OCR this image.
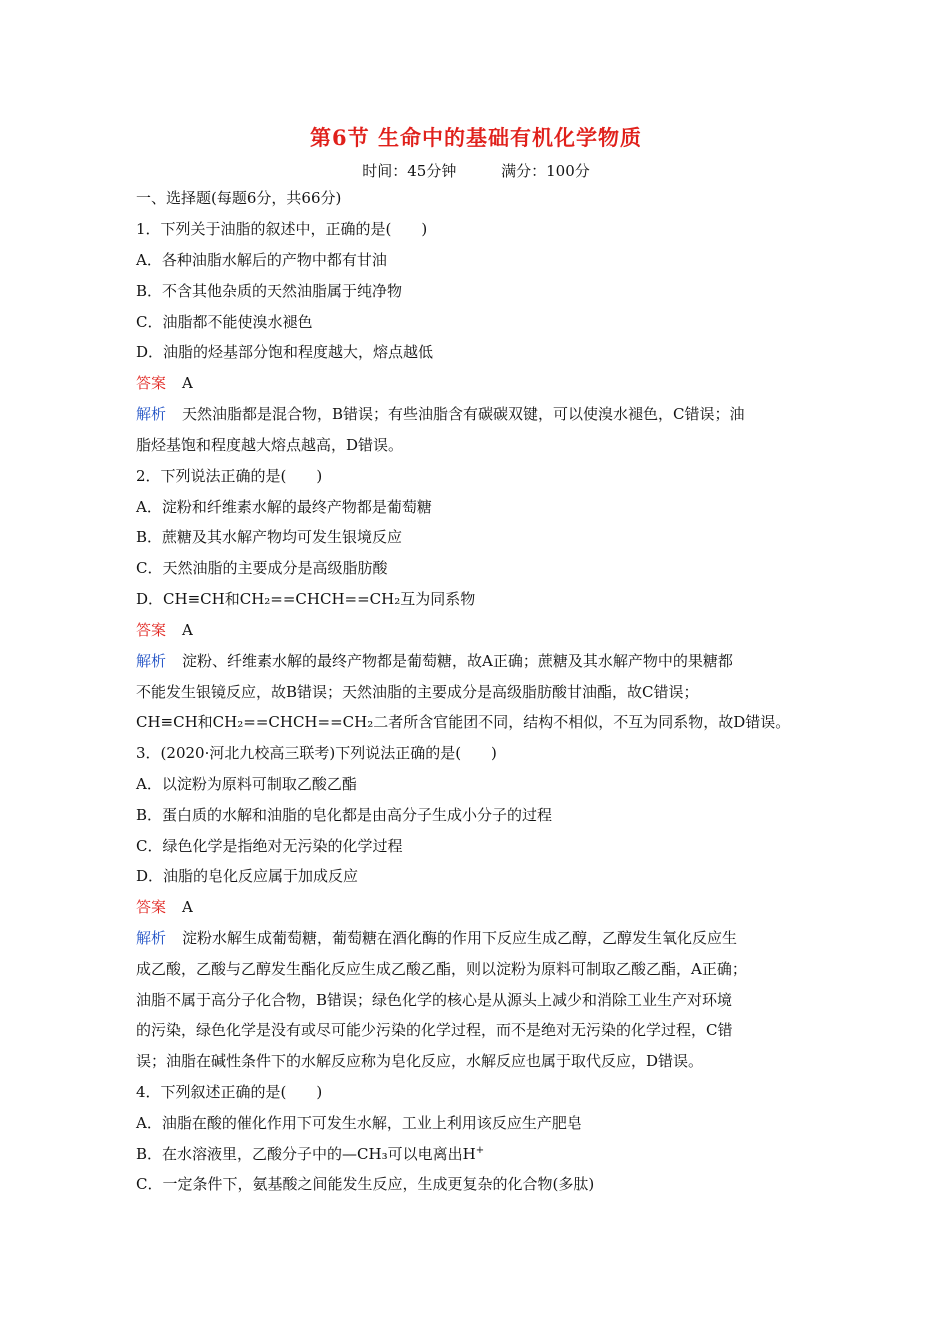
第6节 生命中的基础有机化学物质
时间：45分钟	满分：100分
一、选择题(每题6分，共66分)
1．下列关于油脂的叙述中，正确的是(　　)
A．各种油脂水解后的产物中都有甘油
B．不含其他杂质的天然油脂属于纯净物
C．油脂都不能使溴水褪色
D．油脂的烃基部分饱和程度越大，熔点越低
答案 A
解析 天然油脂都是混合物，B错误；有些油脂含有碳碳双键，可以使溴水褪色，C错误；油
脂烃基饱和程度越大熔点越高，D错误。
2．下列说法正确的是(　　)
A．淀粉和纤维素水解的最终产物都是葡萄糖
B．蔗糖及其水解产物均可发生银境反应
C．天然油脂的主要成分是高级脂肪酸
D．CH≡CH和CH₂==CHCH==CH₂互为同系物
答案 A
解析 淀粉、纤维素水解的最终产物都是葡萄糖，故A正确；蔗糖及其水解产物中的果糖都
不能发生银镜反应，故B错误；天然油脂的主要成分是高级脂肪酸甘油酯，故C错误；
CH≡CH和CH₂==CHCH==CH₂二者所含官能团不同，结构不相似，不互为同系物，故D错误。
3．(2020·河北九校高三联考)下列说法正确的是(　　)
A．以淀粉为原料可制取乙酸乙酯
B．蛋白质的水解和油脂的皂化都是由高分子生成小分子的过程
C．绿色化学是指绝对无污染的化学过程
D．油脂的皂化反应属于加成反应
答案 A
解析 淀粉水解生成葡萄糖，葡萄糖在酒化酶的作用下反应生成乙醇，乙醇发生氧化反应生
成乙酸，乙酸与乙醇发生酯化反应生成乙酸乙酯，则以淀粉为原料可制取乙酸乙酯，A正确；
油脂不属于高分子化合物，B错误；绿色化学的核心是从源头上减少和消除工业生产对环境
的污染，绿色化学是没有或尽可能少污染的化学过程，而不是绝对无污染的化学过程，C错
误；油脂在碱性条件下的水解反应称为皂化反应，水解反应也属于取代反应，D错误。
4．下列叙述正确的是(　　)
A．油脂在酸的催化作用下可发生水解，工业上利用该反应生产肥皂
B．在水溶液里，乙酸分子中的—CH₃可以电离出H+
C．一定条件下，氨基酸之间能发生反应，生成更复杂的化合物(多肽)
